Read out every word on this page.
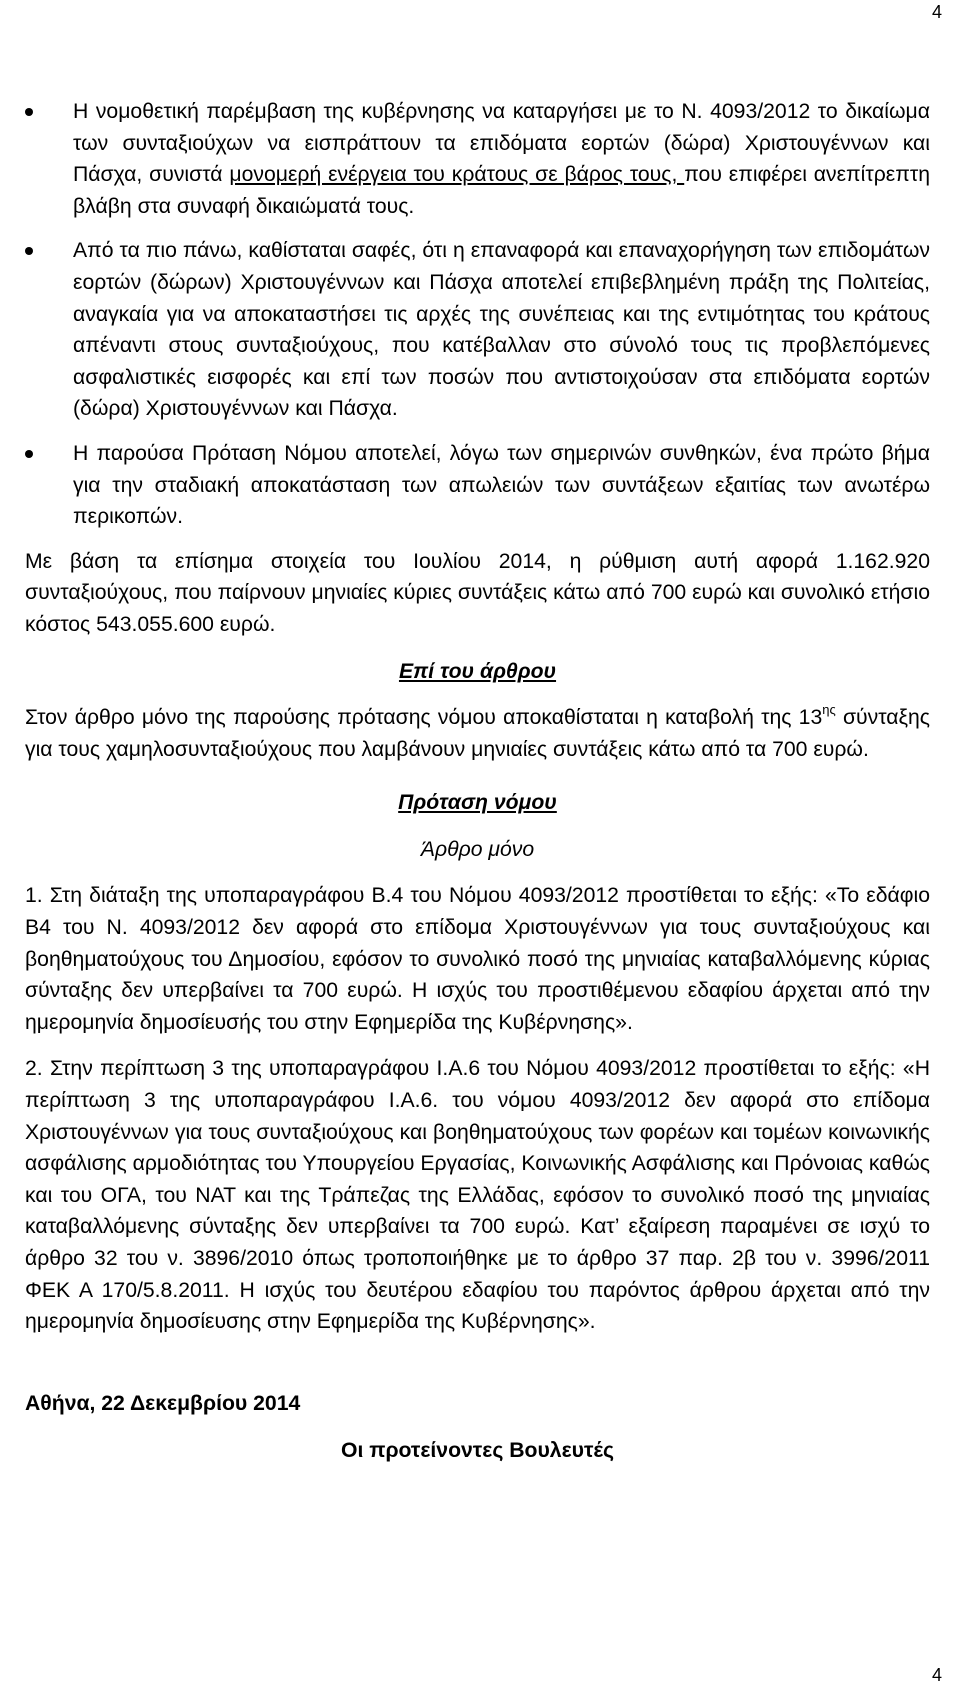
4
Η νομοθετική παρέμβαση της κυβέρνησης να καταργήσει με το Ν. 4093/2012 το δικαίωμα των συνταξιούχων να εισπράττουν τα επιδόματα εορτών (δώρα) Χριστουγέννων και Πάσχα, συνιστά μονομερή ενέργεια του κράτους σε βάρος τους, που επιφέρει ανεπίτρεπτη βλάβη στα συναφή δικαιώματά τους.
Από τα πιο πάνω, καθίσταται σαφές, ότι η επαναφορά και επαναχορήγηση των επιδομάτων εορτών (δώρων) Χριστουγέννων και Πάσχα αποτελεί επιβεβλημένη πράξη της Πολιτείας, αναγκαία για να αποκαταστήσει τις αρχές της συνέπειας και της εντιμότητας του κράτους απέναντι στους συνταξιούχους, που κατέβαλλαν στο σύνολό τους τις προβλεπόμενες ασφαλιστικές εισφορές και επί των ποσών που αντιστοιχούσαν στα επιδόματα εορτών (δώρα) Χριστουγέννων και Πάσχα.
Η παρούσα Πρόταση Νόμου αποτελεί, λόγω των σημερινών συνθηκών, ένα πρώτο βήμα για την σταδιακή αποκατάσταση των απωλειών των συντάξεων εξαιτίας των ανωτέρω περικοπών.

Με βάση τα επίσημα στοιχεία του Ιουλίου 2014, η ρύθμιση αυτή αφορά 1.162.920 συνταξιούχους, που παίρνουν μηνιαίες κύριες συντάξεις κάτω από 700 ευρώ και συνολικό ετήσιο κόστος 543.055.600 ευρώ.

Επί του άρθρου

Στον άρθρο μόνο της παρούσης πρότασης νόμου αποκαθίσταται η καταβολή της $13^{\eta\varsigma}$ σύνταξης για τους χαμηλοσυνταξιούχους που λαμβάνουν μηνιαίες συντάξεις κάτω από τα 700 ευρώ.

Πρόταση νόμου
Άρθρο μόνο

1. Στη διάταξη της υποπαραγράφου Β.4 του Νόμου 4093/2012 προστίθεται το εξής: «Το εδάφιο Β4 του Ν. 4093/2012 δεν αφορά στο επίδομα Χριστουγέννων για τους συνταξιούχους και βοηθηματούχους του Δημοσίου, εφόσον το συνολικό ποσό της μηνιαίας καταβαλλόμενης κύριας σύνταξης δεν υπερβαίνει τα 700 ευρώ. Η ισχύς του προστιθέμενου εδαφίου άρχεται από την ημερομηνία δημοσίευσής του στην Εφημερίδα της Κυβέρνησης».

2. Στην περίπτωση 3 της υποπαραγράφου Ι.Α.6 του Νόμου 4093/2012 προστίθεται το εξής: «Η περίπτωση 3 της υποπαραγράφου Ι.Α.6. του νόμου 4093/2012 δεν αφορά στο επίδομα Χριστουγέννων για τους συνταξιούχους και βοηθηματούχους των φορέων και τομέων κοινωνικής ασφάλισης αρμοδιότητας του Υπουργείου Εργασίας, Κοινωνικής Ασφάλισης και Πρόνοιας καθώς και του ΟΓΑ, του ΝΑΤ και της Τράπεζας της Ελλάδας, εφόσον το συνολικό ποσό της μηνιαίας καταβαλλόμενης σύνταξης δεν υπερβαίνει τα 700 ευρώ. Κατ’ εξαίρεση παραμένει σε ισχύ το άρθρο 32 του ν. 3896/2010 όπως τροποποιήθηκε με το άρθρο 37 παρ. 2β του ν. 3996/2011 ΦΕΚ Α 170/5.8.2011. Η ισχύς του δευτέρου εδαφίου του παρόντος άρθρου άρχεται από την ημερομηνία δημοσίευσης στην Εφημερίδα της Κυβέρνησης».

Αθήνα, 22 Δεκεμβρίου 2014
Οι προτείνοντες Βουλευτές
4
